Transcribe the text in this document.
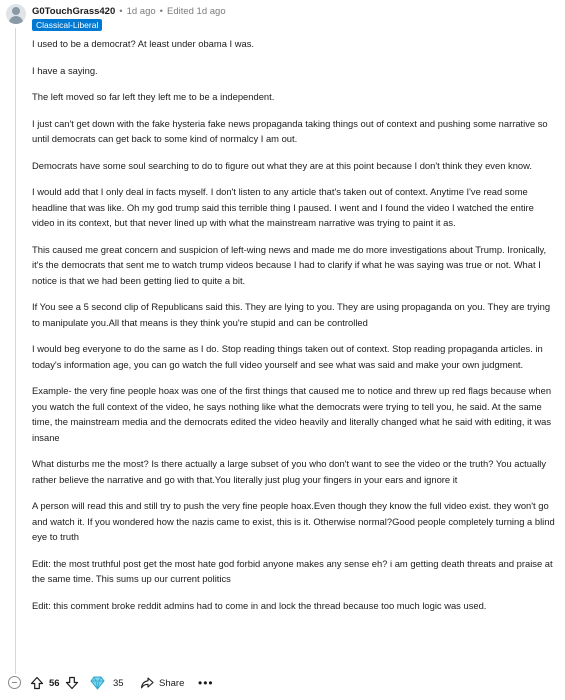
G0TouchGrass420 • 1d ago • Edited 1d ago
Classical-Liberal

I used to be a democrat? At least under obama I was.

I have a saying.

The left moved so far left they left me to be a independent.

I just can't get down with the fake hysteria fake news propaganda taking things out of context and pushing some narrative so until democrats can get back to some kind of normalcy I am out.

Democrats have some soul searching to do to figure out what they are at this point because I don't think they even know.

I would add that I only deal in facts myself. I don't listen to any article that's taken out of context. Anytime I've read some headline that was like. Oh my god trump said this terrible thing I paused. I went and I found the video I watched the entire video in its context, but that never lined up with what the mainstream narrative was trying to paint it as.

This caused me great concern and suspicion of left-wing news and made me do more investigations about Trump. Ironically, it's the democrats that sent me to watch trump videos because I had to clarify if what he was saying was true or not. What I notice is that we had been getting lied to quite a bit.

If You see a 5 second clip of Republicans said this. They are lying to you. They are using propaganda on you. They are trying to manipulate you.All that means is they think you're stupid and can be controlled

I would beg everyone to do the same as I do. Stop reading things taken out of context. Stop reading propaganda articles. in today's information age, you can go watch the full video yourself and see what was said and make your own judgment.

Example- the very fine people hoax was one of the first things that caused me to notice and threw up red flags because when you watch the full context of the video, he says nothing like what the democrats were trying to tell you, he said. At the same time, the mainstream media and the democrats edited the video heavily and literally changed what he said with editing, it was insane

What disturbs me the most? Is there actually a large subset of you who don't want to see the video or the truth? You actually rather believe the narrative and go with that.You literally just plug your fingers in your ears and ignore it

A person will read this and still try to push the very fine people hoax.Even though they know the full video exist. they won't go and watch it. If you wondered how the nazis came to exist, this is it. Otherwise normal?Good people completely turning a blind eye to truth

Edit: the most truthful post get the most hate god forbid anyone makes any sense eh? i am getting death threats and praise at the same time. This sums up our current politics

Edit: this comment broke reddit admins had to come in and lock the thread because too much logic was used.

56	35	Share •••
